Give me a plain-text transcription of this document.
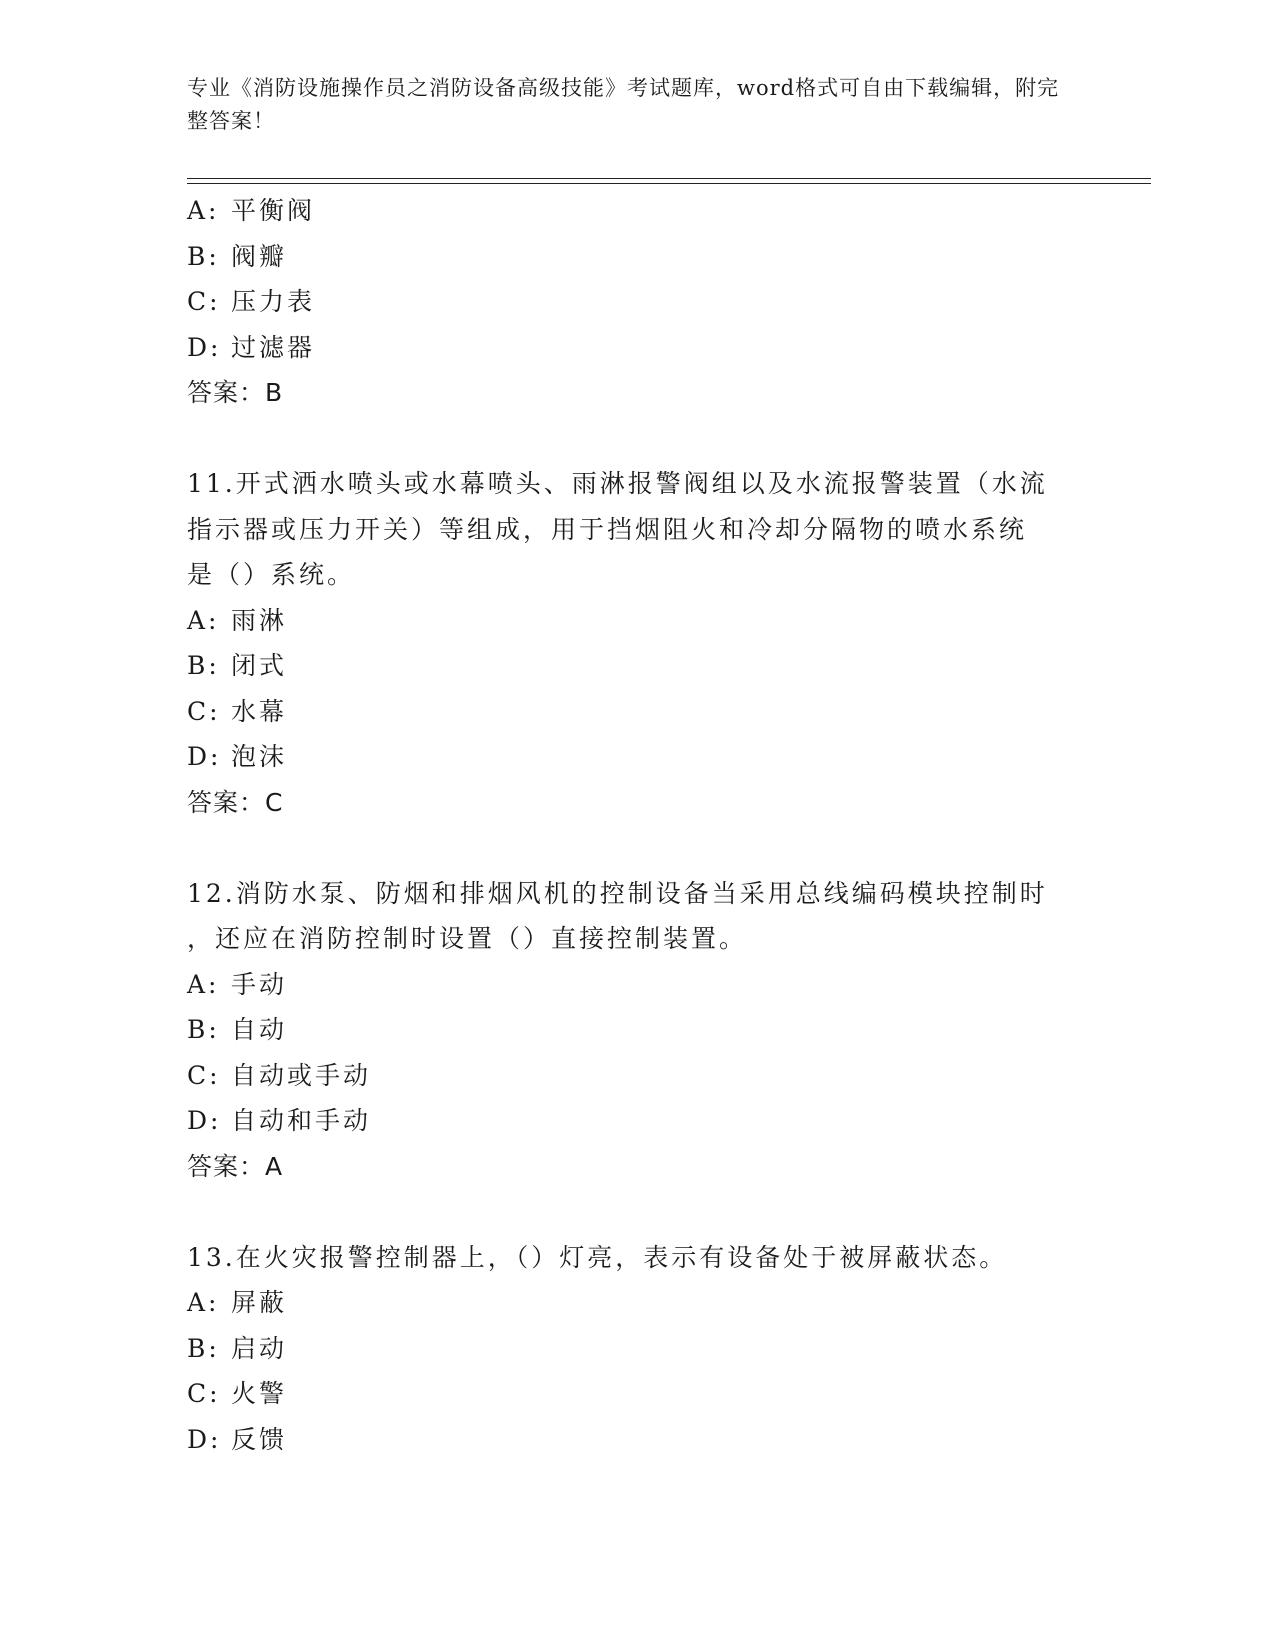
专业《消防设施操作员之消防设备高级技能》考试题库，word格式可自由下载编辑，附完整答案！
A: 平衡阀
B: 阀瓣
C: 压力表
D: 过滤器
答案：B
11.开式洒水喷头或水幕喷头、雨淋报警阀组以及水流报警装置（水流
指示器或压力开关）等组成，用于挡烟阻火和冷却分隔物的喷水系统
是（）系统。
A: 雨淋
B: 闭式
C: 水幕
D: 泡沫
答案：C
12.消防水泵、防烟和排烟风机的控制设备当采用总线编码模块控制时
，还应在消防控制时设置（）直接控制装置。
A: 手动
B: 自动
C: 自动或手动
D: 自动和手动
答案：A
13.在火灾报警控制器上，（）灯亮，表示有设备处于被屏蔽状态。
A: 屏蔽
B: 启动
C: 火警
D: 反馈
